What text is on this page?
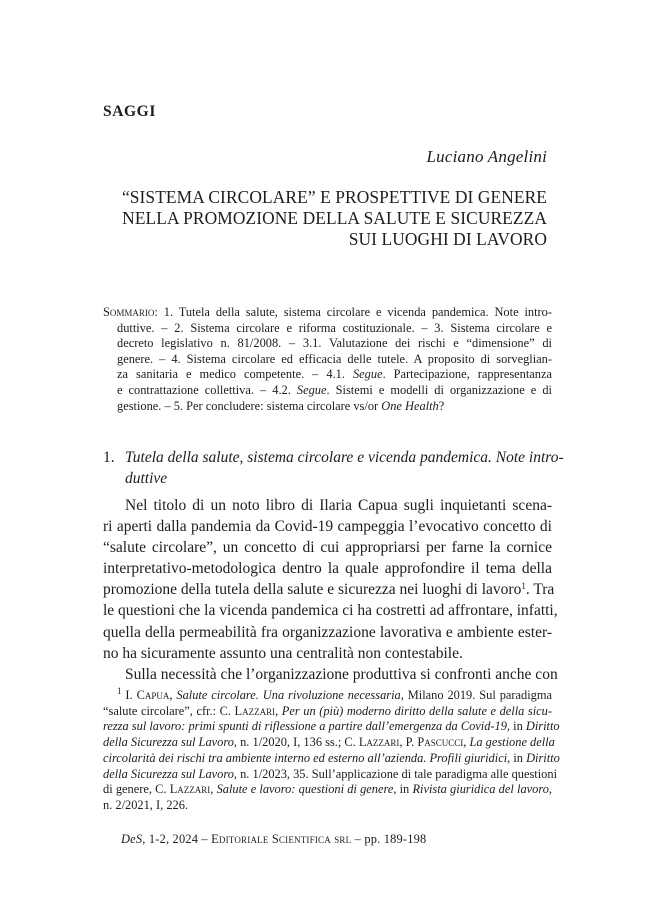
SAGGI
Luciano Angelini
“SISTEMA CIRCOLARE” E PROSPETTIVE DI GENERE
NELLA PROMOZIONE DELLA SALUTE E SICUREZZA
SUI LUOGHI DI LAVORO
Sommario: 1. Tutela della salute, sistema circolare e vicenda pandemica. Note intro-
duttive. – 2. Sistema circolare e riforma costituzionale. – 3. Sistema circolare e
decreto legislativo n. 81/2008. – 3.1. Valutazione dei rischi e “dimensione” di
genere. – 4. Sistema circolare ed efficacia delle tutele. A proposito di sorveglian-
za sanitaria e medico competente. – 4.1. Segue. Partecipazione, rappresentanza
e contrattazione collettiva. – 4.2. Segue. Sistemi e modelli di organizzazione e di
gestione. – 5. Per concludere: sistema circolare vs/or One Health?
1. Tutela della salute, sistema circolare e vicenda pandemica. Note intro-
duttive
Nel titolo di un noto libro di Ilaria Capua sugli inquietanti scena-
ri aperti dalla pandemia da Covid-19 campeggia l’evocativo concetto di
“salute circolare”, un concetto di cui appropriarsi per farne la cornice
interpretativo-metodologica dentro la quale approfondire il tema della
promozione della tutela della salute e sicurezza nei luoghi di lavoro$^1$. Tra
le questioni che la vicenda pandemica ci ha costretti ad affrontare, infatti,
quella della permeabilità fra organizzazione lavorativa e ambiente ester-
no ha sicuramente assunto una centralità non contestabile.
Sulla necessità che l’organizzazione produttiva si confronti anche con
$^1$ I. Capua, Salute circolare. Una rivoluzione necessaria, Milano 2019. Sul paradigma
“salute circolare”, cfr.: C. Lazzari, Per un (più) moderno diritto della salute e della sicu-
rezza sul lavoro: primi spunti di riflessione a partire dall’emergenza da Covid-19, in Diritto
della Sicurezza sul Lavoro, n. 1/2020, I, 136 ss.; C. Lazzari, P. Pascucci, La gestione della
circolarità dei rischi tra ambiente interno ed esterno all’azienda. Profili giuridici, in Diritto
della Sicurezza sul Lavoro, n. 1/2023, 35. Sull’applicazione di tale paradigma alle questioni
di genere, C. Lazzari, Salute e lavoro: questioni di genere, in Rivista giuridica del lavoro,
n. 2/2021, I, 226.
DeS, 1-2, 2024 – Editoriale Scientifica srl – pp. 189-198
